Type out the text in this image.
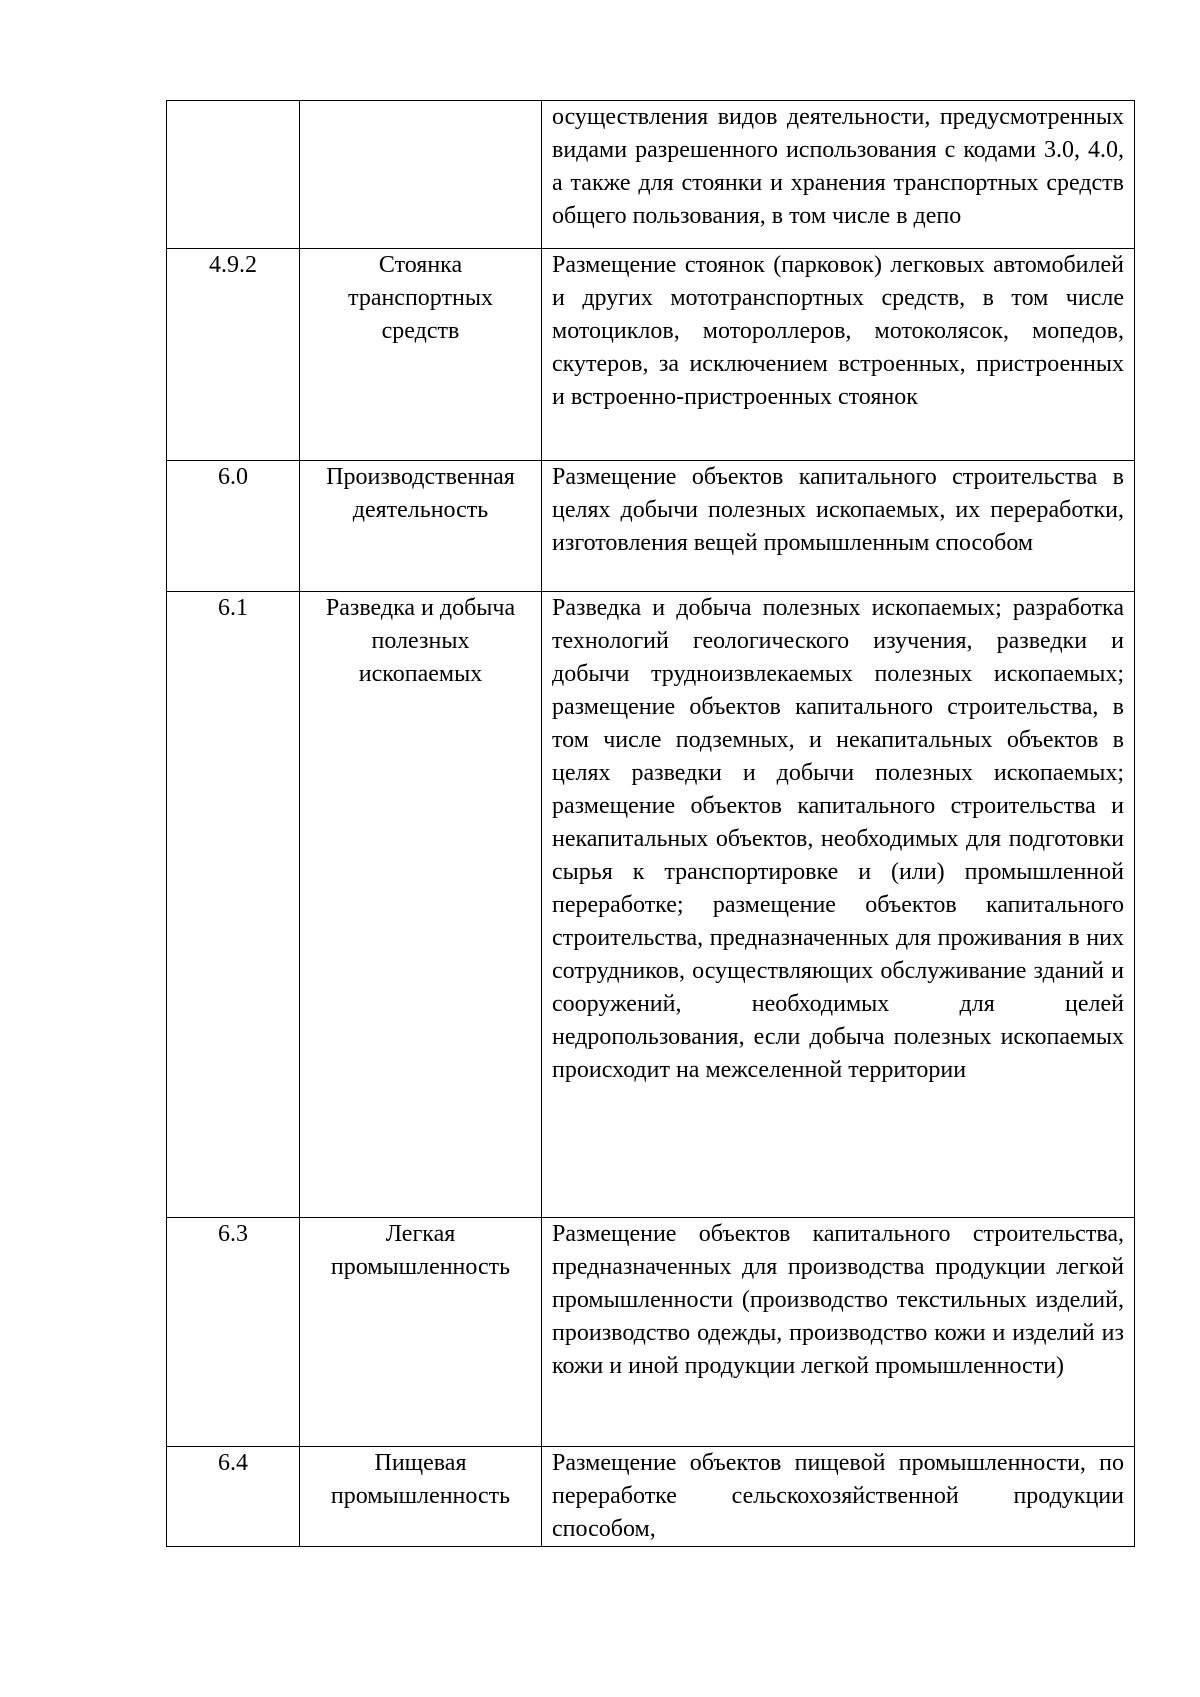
		осуществления видов деятельности, предусмотренных видами разрешенного использования с кодами 3.0, 4.0, а также для стоянки и хранения транспортных средств общего пользования, в том числе в депо
4.9.2	Стоянка транспортных средств	Размещение стоянок (парковок) легковых автомобилей и других мототранспортных средств, в том числе мотоциклов, мотороллеров, мотоколясок, мопедов, скутеров, за исключением встроенных, пристроенных и встроенно-пристроенных стоянок
6.0	Производственная деятельность	Размещение объектов капитального строительства в целях добычи полезных ископаемых, их переработки, изготовления вещей промышленным способом
6.1	Разведка и добыча полезных ископаемых	Разведка и добыча полезных ископаемых; разработка технологий геологического изучения, разведки и добычи трудноизвлекаемых полезных ископаемых; размещение объектов капитального строительства, в том числе подземных, и некапитальных объектов в целях разведки и добычи полезных ископаемых; размещение объектов капитального строительства и некапитальных объектов, необходимых для подготовки сырья к транспортировке и (или) промышленной переработке; размещение объектов капитального строительства, предназначенных для проживания в них сотрудников, осуществляющих обслуживание зданий и сооружений, необходимых для целей недропользования, если добыча полезных ископаемых происходит на межселенной территории
6.3	Легкая промышленность	Размещение объектов капитального строительства, предназначенных для производства продукции легкой промышленности (производство текстильных изделий, производство одежды, производство кожи и изделий из кожи и иной продукции легкой промышленности)
6.4	Пищевая промышленность	Размещение объектов пищевой промышленности, по переработке сельскохозяйственной продукции способом,
